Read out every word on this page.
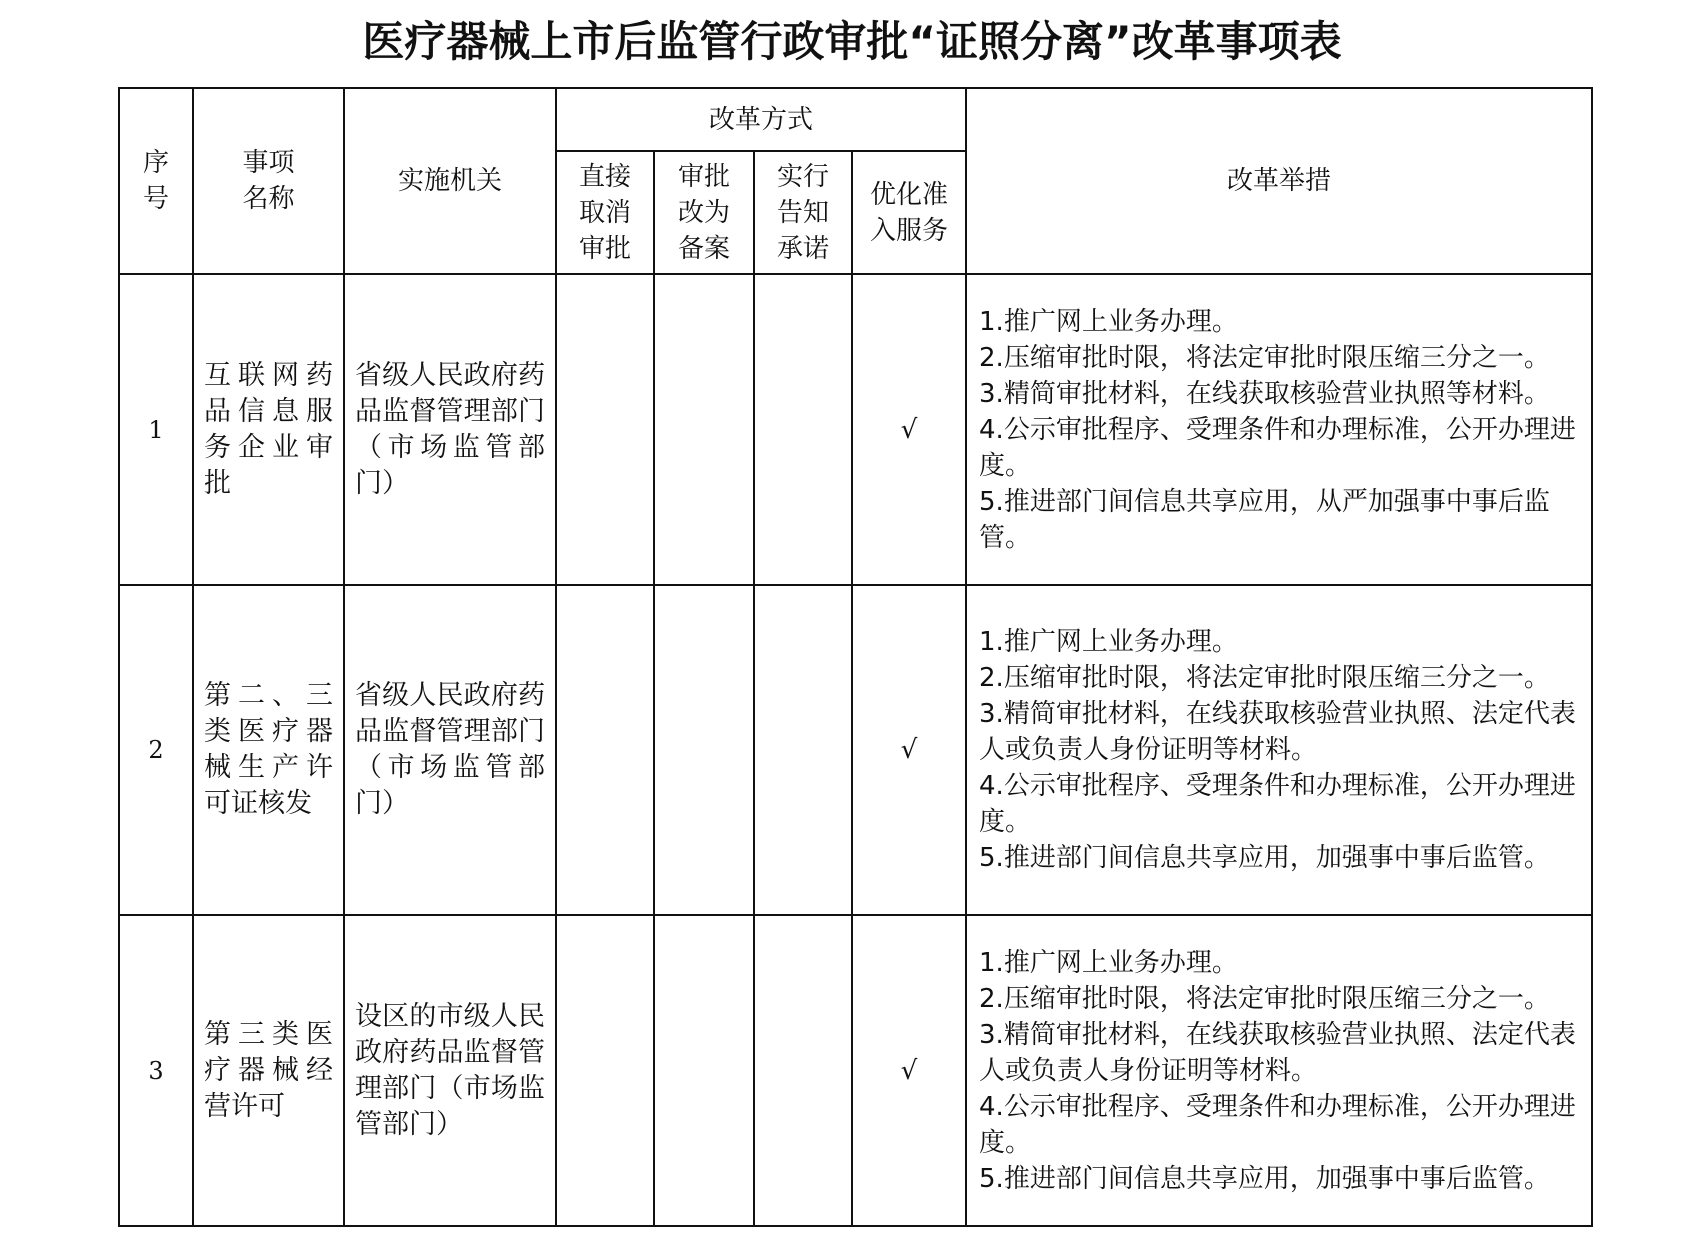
医疗器械上市后监管行政审批“证照分离”改革事项表
序
号	事项
名称	实施机关	改革方式				改革举措

			直接
取消
审批	审批
改为
备案	实行
告知
承诺	优化准
入服务	

1	互联网药品信息服务企业审批	省级人民政府药品监督管理部门（市场监管部门）				√	1.推广网上业务办理。
2.压缩审批时限，将法定审批时限压缩三分之一。
3.精简审批材料，在线获取核验营业执照等材料。
4.公示审批程序、受理条件和办理标准，公开办理进度。
5.推进部门间信息共享应用，从严加强事中事后监管。

2	第二、三类医疗器械生产许可证核发	省级人民政府药品监督管理部门（市场监管部门）				√	1.推广网上业务办理。
2.压缩审批时限，将法定审批时限压缩三分之一。
3.精简审批材料，在线获取核验营业执照、法定代表人或负责人身份证明等材料。
4.公示审批程序、受理条件和办理标准，公开办理进度。
5.推进部门间信息共享应用，加强事中事后监管。

3	第三类医疗器械经营许可	设区的市级人民政府药品监督管理部门（市场监管部门）				√	1.推广网上业务办理。
2.压缩审批时限，将法定审批时限压缩三分之一。
3.精简审批材料，在线获取核验营业执照、法定代表人或负责人身份证明等材料。
4.公示审批程序、受理条件和办理标准，公开办理进度。
5.推进部门间信息共享应用，加强事中事后监管。
